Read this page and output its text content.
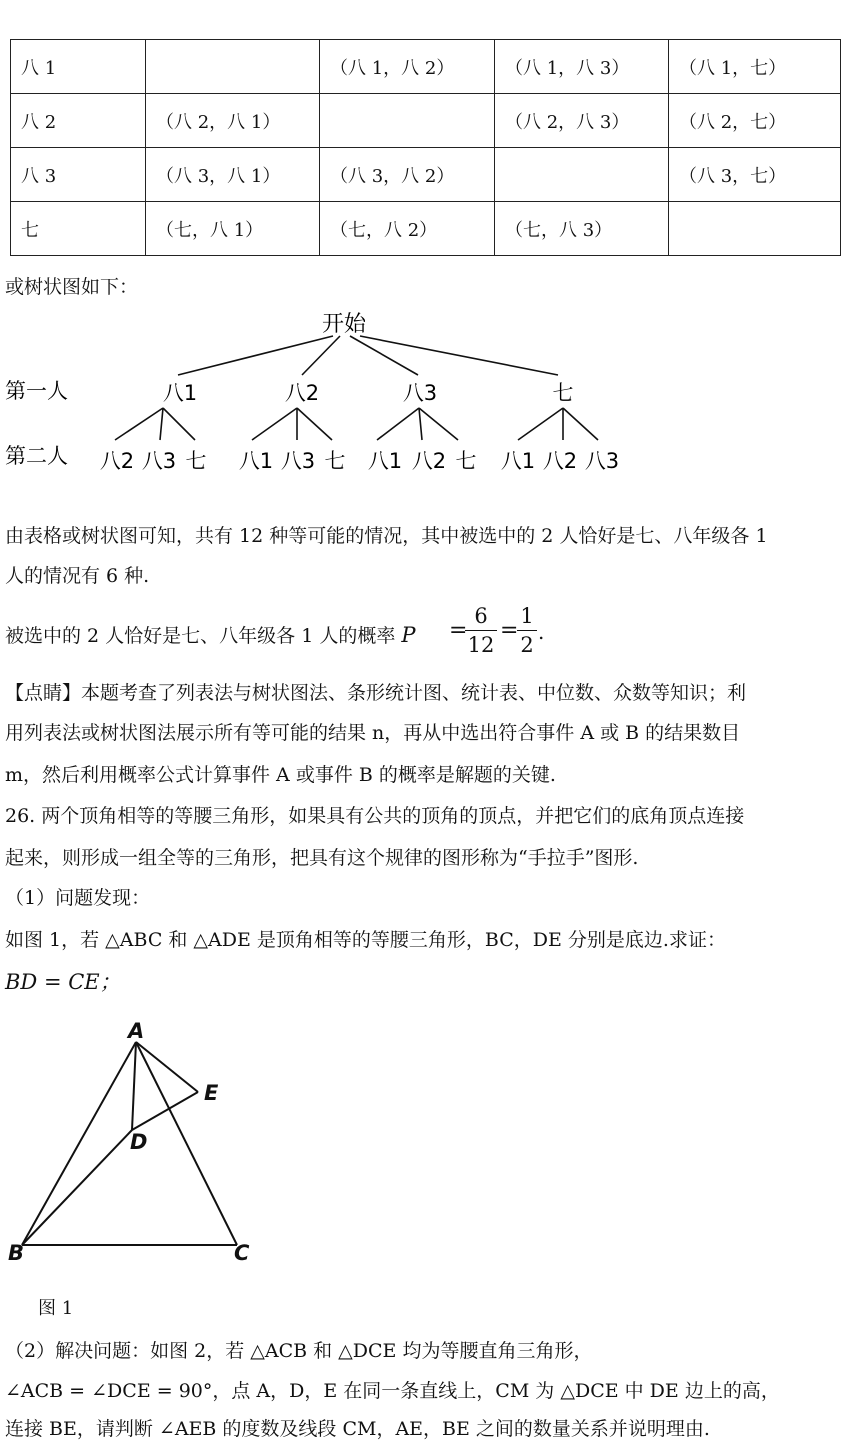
八 1		（八 1，八 2）	（八 1，八 3）	（八 1，七）
八 2	（八 2，八 1）		（八 2，八 3）	（八 2，七）
八 3	（八 3，八 1）	（八 3，八 2）		（八 3，七）
七	（七，八 1）	（七，八 2）	（七，八 3）	
或树状图如下：
开始
第一人
第二人
八1	八2	八3	七
八2 八3 七 八1 八3 七 八1 八2 七 八1 八2 八3
由表格或树状图可知，共有 12 种等可能的情况，其中被选中的 2 人恰好是七、八年级各 1
人的情况有 6 种.
被选中的 2 人恰好是七、八年级各 1 人的概率 P =
6
12
=
1
2
.
【点睛】本题考查了列表法与树状图法、条形统计图、统计表、中位数、众数等知识；利
用列表法或树状图法展示所有等可能的结果 n，再从中选出符合事件 A 或 B 的结果数目
m，然后利用概率公式计算事件 A 或事件 B 的概率是解题的关键.
26. 两个顶角相等的等腰三角形，如果具有公共的顶角的顶点，并把它们的底角顶点连接
起来，则形成一组全等的三角形，把具有这个规律的图形称为“手拉手”图形.
（1）问题发现：
如图 1，若 △ABC 和 △ADE 是顶角相等的等腰三角形，BC，DE 分别是底边.求证：
BD = CE；
A
B	C
D
E
图 1
（2）解决问题：如图 2，若 △ACB 和 △DCE 均为等腰直角三角形，
∠ACB = ∠DCE = 90°，点 A，D，E 在同一条直线上，CM 为 △DCE 中 DE 边上的高，
连接 BE，请判断 ∠AEB 的度数及线段 CM，AE，BE 之间的数量关系并说明理由.
